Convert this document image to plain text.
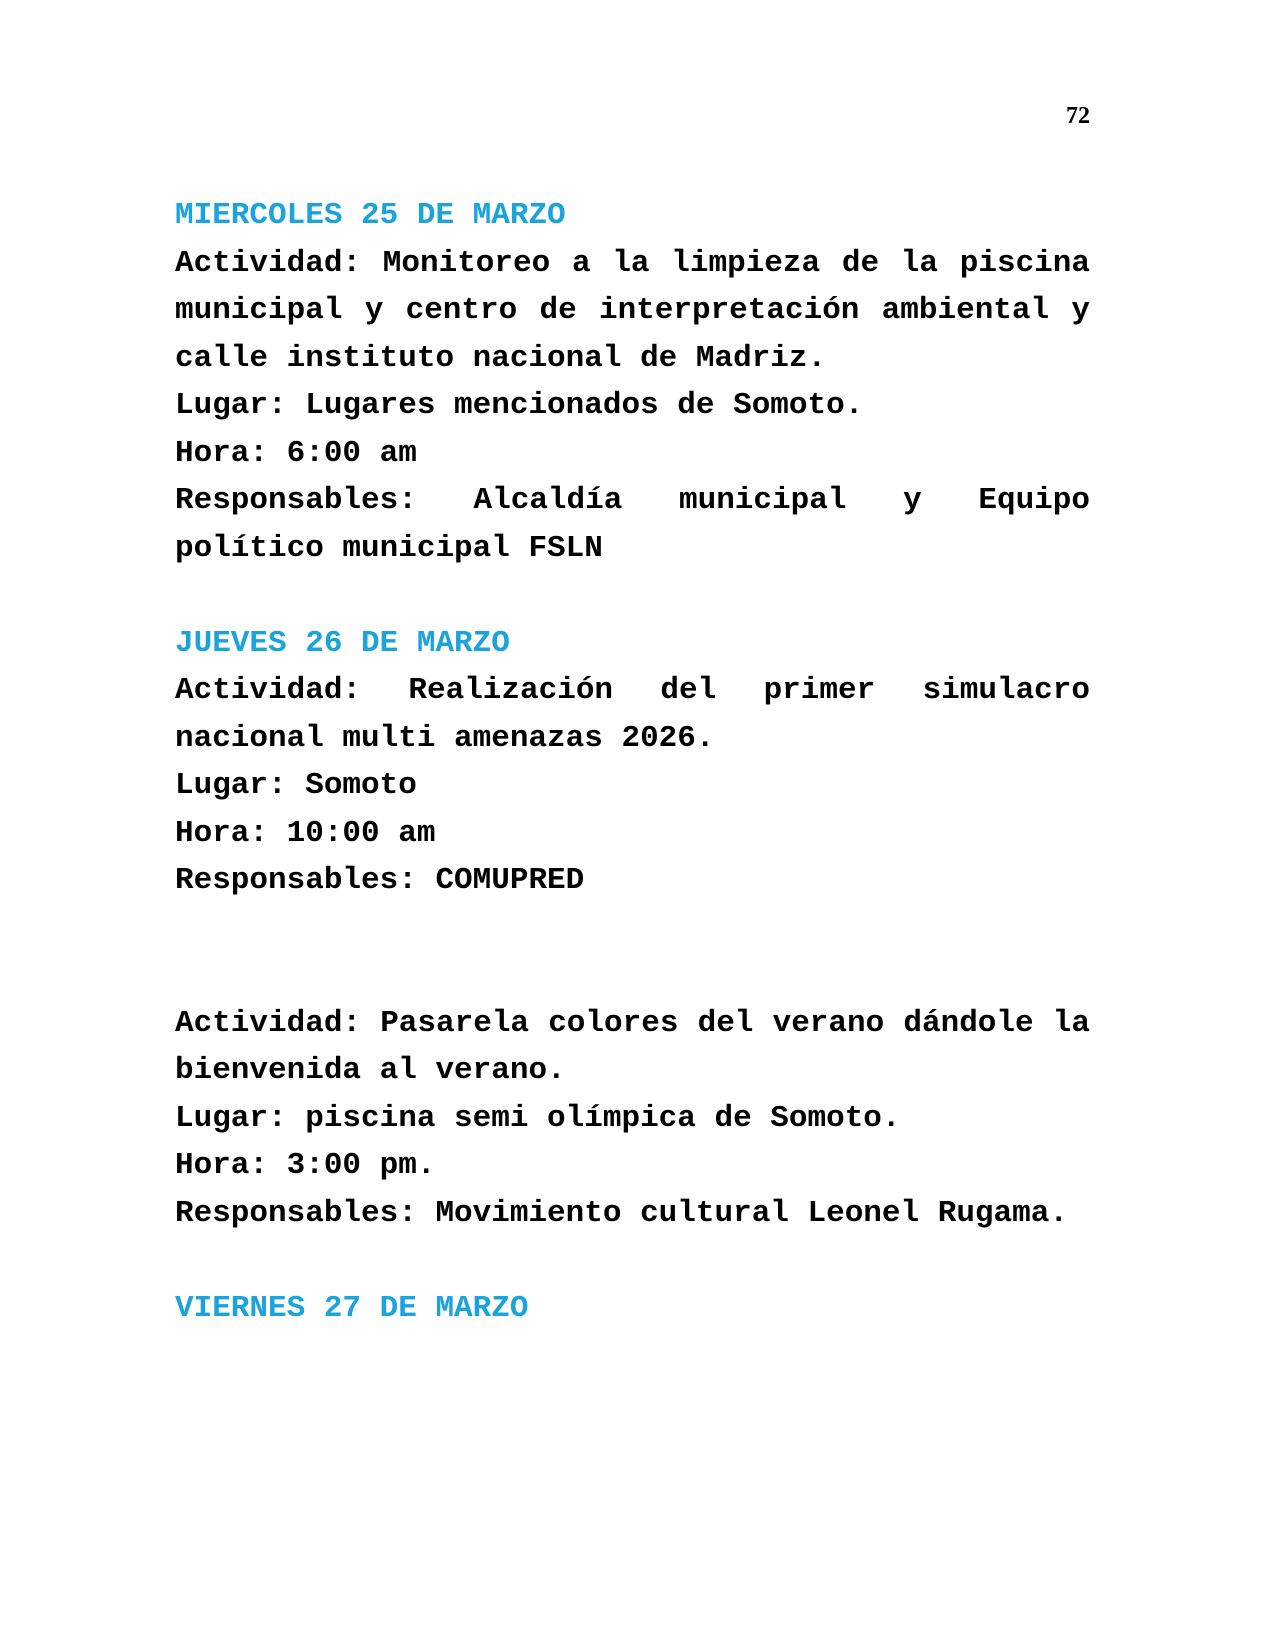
72

MIERCOLES 25 DE MARZO

Actividad: Monitoreo a la limpieza de la piscina municipal y centro de interpretación ambiental y calle instituto nacional de Madriz.

Lugar: Lugares mencionados de Somoto.

Hora: 6:00 am

Responsables: Alcaldía municipal y Equipo político municipal FSLN

JUEVES 26 DE MARZO

Actividad: Realización del primer simulacro nacional multi amenazas 2026.

Lugar: Somoto

Hora: 10:00 am

Responsables: COMUPRED

Actividad: Pasarela colores del verano dándole la bienvenida al verano.

Lugar: piscina semi olímpica de Somoto.

Hora: 3:00 pm.

Responsables: Movimiento cultural Leonel Rugama.

VIERNES 27 DE MARZO
